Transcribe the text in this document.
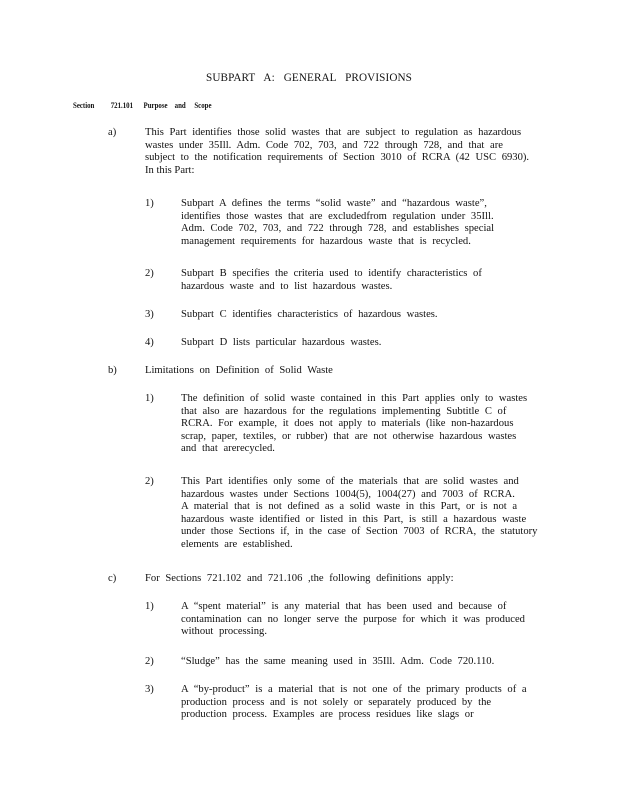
SUBPART A: GENERAL PROVISIONS
Section 721.101 Purpose and Scope
a)	This Part identifies those solid wastes that are subject to regulation as hazardous
wastes under 35Ill. Adm. Code 702, 703, and 722 through 728, and that are
subject to the notification requirements of Section 3010 of RCRA (42 USC 6930).
In this Part:
1)	Subpart A defines the terms “solid waste” and “hazardous waste”,
identifies those wastes that are excludedfrom regulation under 35Ill.
Adm. Code 702, 703, and 722 through 728, and establishes special
management requirements for hazardous waste that is recycled.
2)	Subpart B specifies the criteria used to identify characteristics of
hazardous waste and to list hazardous wastes.
3)	Subpart C identifies characteristics of hazardous wastes.
4)	Subpart D lists particular hazardous wastes.
b)	Limitations on Definition of Solid Waste
1)	The definition of solid waste contained in this Part applies only to wastes
that also are hazardous for the regulations implementing Subtitle C of
RCRA. For example, it does not apply to materials (like non-hazardous
scrap, paper, textiles, or rubber) that are not otherwise hazardous wastes
and that arerecycled.
2)	This Part identifies only some of the materials that are solid wastes and
hazardous wastes under Sections 1004(5), 1004(27) and 7003 of RCRA.
A material that is not defined as a solid waste in this Part, or is not a
hazardous waste identified or listed in this Part, is still a hazardous waste
under those Sections if, in the case of Section 7003 of RCRA, the statutory
elements are established.
c)	For Sections 721.102 and 721.106 ,the following definitions apply:
1)	A “spent material” is any material that has been used and because of
contamination can no longer serve the purpose for which it was produced
without processing.
2)	“Sludge” has the same meaning used in 35Ill. Adm. Code 720.110.
3)	A “by-product” is a material that is not one of the primary products of a
production process and is not solely or separately produced by the
production process. Examples are process residues like slags or
